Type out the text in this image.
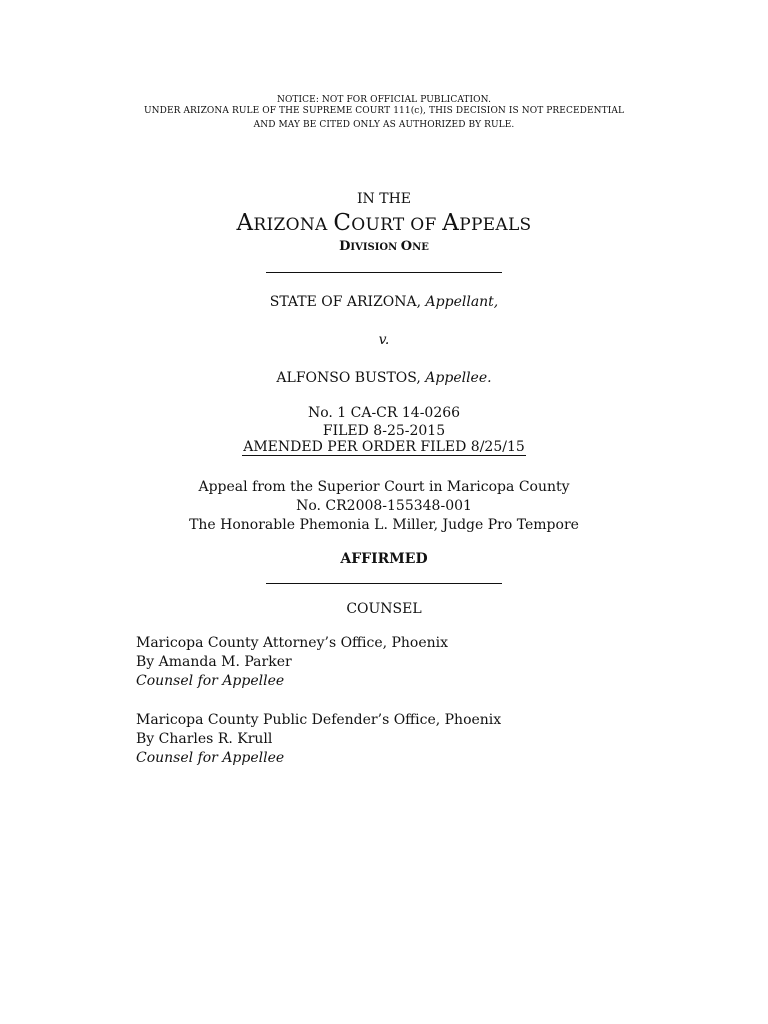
NOTICE: NOT FOR OFFICIAL PUBLICATION.
UNDER ARIZONA RULE OF THE SUPREME COURT 111(c), THIS DECISION IS NOT PRECEDENTIAL
AND MAY BE CITED ONLY AS AUTHORIZED BY RULE.
IN THE
ARIZONA COURT OF APPEALS
DIVISION ONE
STATE OF ARIZONA, Appellant,
v.
ALFONSO BUSTOS, Appellee.
No. 1 CA-CR 14-0266
FILED 8-25-2015
AMENDED PER ORDER FILED 8/25/15
Appeal from the Superior Court in Maricopa County
No. CR2008-155348-001
The Honorable Phemonia L. Miller, Judge Pro Tempore
AFFIRMED
COUNSEL
Maricopa County Attorney’s Office, Phoenix
By Amanda M. Parker
Counsel for Appellee
Maricopa County Public Defender’s Office, Phoenix
By Charles R. Krull
Counsel for Appellee
